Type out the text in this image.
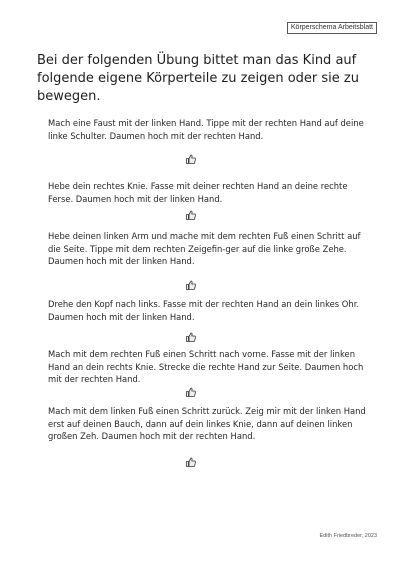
Körperschema Arbeitsblatt
Bei der folgenden Übung bittet man das Kind auf folgende eigene Körperteile zu zeigen oder sie zu bewegen.

Mach eine Faust mit der linken Hand. Tippe mit der rechten Hand auf deine linke Schulter. Daumen hoch mit der rechten Hand.

Hebe dein rechtes Knie. Fasse mit deiner rechten Hand an deine rechte Ferse. Daumen hoch mit der linken Hand.

Hebe deinen linken Arm und mache mit dem rechten Fuß einen Schritt auf die Seite. Tippe mit dem rechten Zeigefin-ger auf die linke große Zehe. Daumen hoch mit der linken Hand.

Drehe den Kopf nach links. Fasse mit der rechten Hand an dein linkes Ohr. Daumen hoch mit der linken Hand.

Mach mit dem rechten Fuß einen Schritt nach vorne. Fasse mit der linken Hand an dein rechts Knie. Strecke die rechte Hand zur Seite. Daumen hoch mit der rechten Hand.

Mach mit dem linken Fuß einen Schritt zurück. Zeig mir mit der linken Hand erst auf deinen Bauch, dann auf dein linkes Knie, dann auf deinen linken großen Zeh. Daumen hoch mit der rechten Hand.

Edith Friedbreder, 2023
